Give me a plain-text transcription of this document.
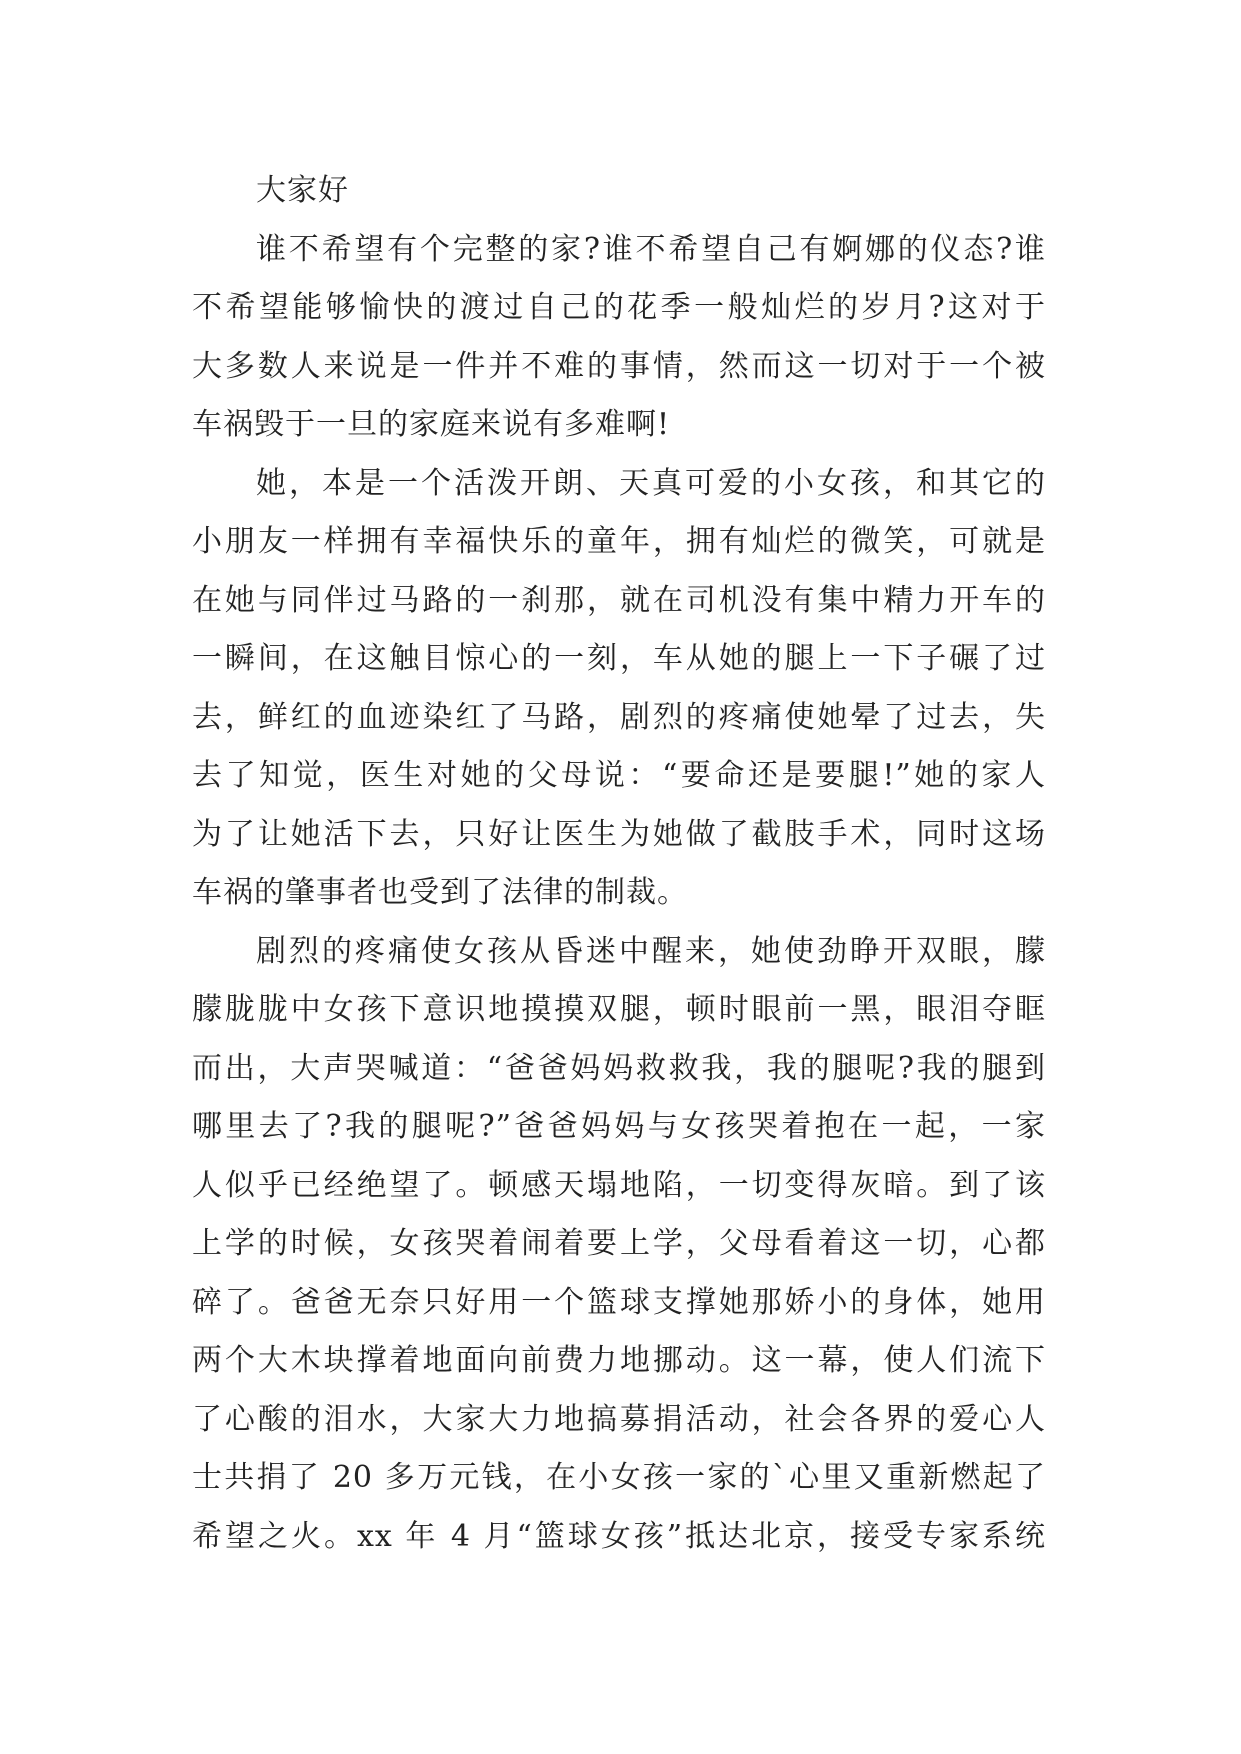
大家好
谁不希望有个完整的家?谁不希望自己有婀娜的仪态?谁
不希望能够愉快的渡过自己的花季一般灿烂的岁月?这对于
大多数人来说是一件并不难的事情，然而这一切对于一个被
车祸毁于一旦的家庭来说有多难啊!
她，本是一个活泼开朗、天真可爱的小女孩，和其它的
小朋友一样拥有幸福快乐的童年，拥有灿烂的微笑，可就是
在她与同伴过马路的一刹那，就在司机没有集中精力开车的
一瞬间，在这触目惊心的一刻，车从她的腿上一下子碾了过
去，鲜红的血迹染红了马路，剧烈的疼痛使她晕了过去，失
去了知觉，医生对她的父母说：“要命还是要腿!”她的家人
为了让她活下去，只好让医生为她做了截肢手术，同时这场
车祸的肇事者也受到了法律的制裁。
剧烈的疼痛使女孩从昏迷中醒来，她使劲睁开双眼，朦
朦胧胧中女孩下意识地摸摸双腿，顿时眼前一黑，眼泪夺眶
而出，大声哭喊道：“爸爸妈妈救救我，我的腿呢?我的腿到
哪里去了?我的腿呢?”爸爸妈妈与女孩哭着抱在一起，一家
人似乎已经绝望了。顿感天塌地陷，一切变得灰暗。到了该
上学的时候，女孩哭着闹着要上学，父母看着这一切，心都
碎了。爸爸无奈只好用一个篮球支撑她那娇小的身体，她用
两个大木块撑着地面向前费力地挪动。这一幕，使人们流下
了心酸的泪水，大家大力地搞募捐活动，社会各界的爱心人
士共捐了 20 多万元钱，在小女孩一家的`心里又重新燃起了
希望之火。xx 年 4 月“篮球女孩”抵达北京，接受专家系统
